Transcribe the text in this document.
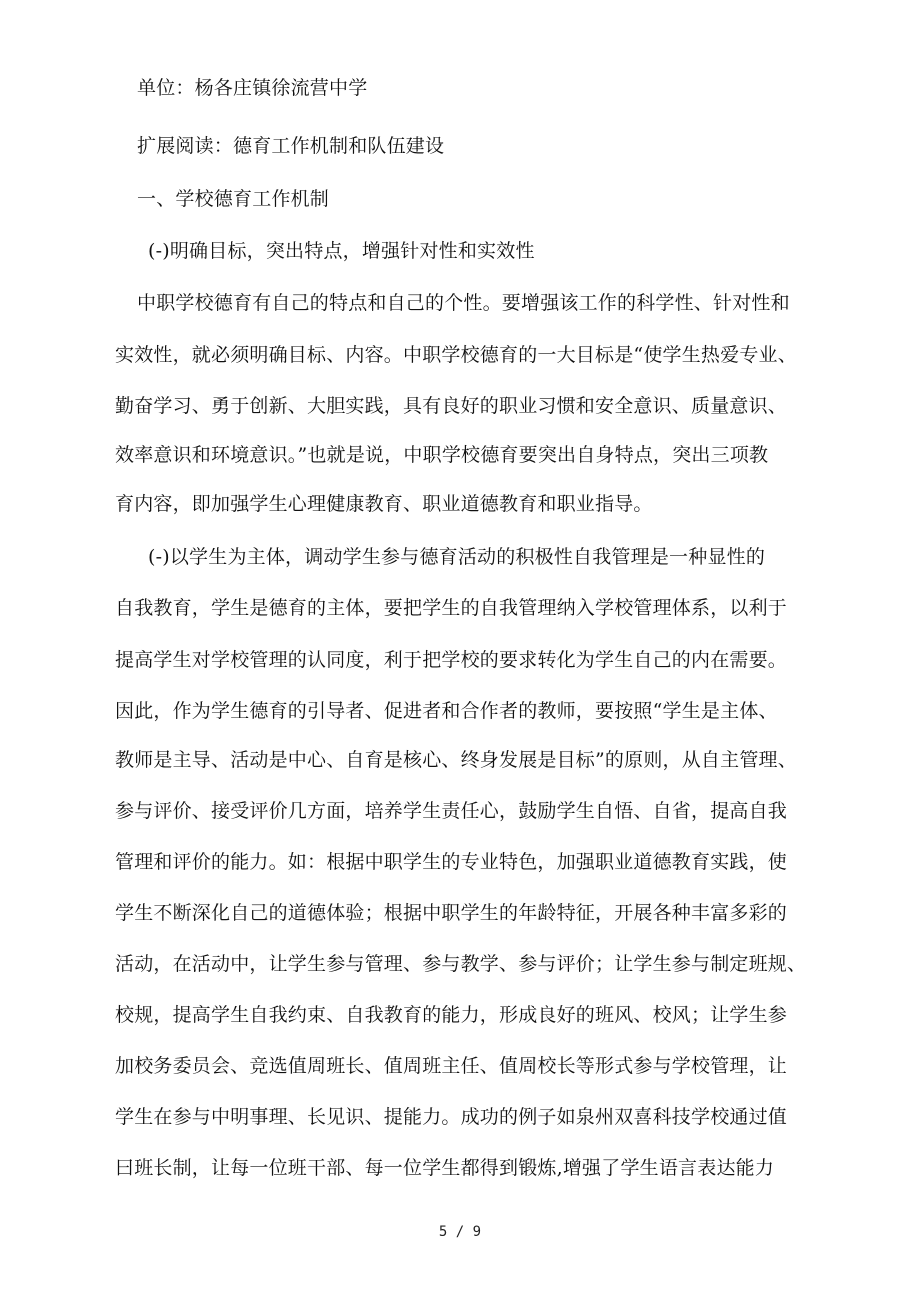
单位：杨各庄镇徐流营中学
扩展阅读：德育工作机制和队伍建设
一、学校德育工作机制
(-)明确目标，突出特点，增强针对性和实效性
中职学校德育有自己的特点和自己的个性。要增强该工作的科学性、针对性和
实效性，就必须明确目标、内容。中职学校德育的一大目标是“使学生热爱专业、
勤奋学习、勇于创新、大胆实践，具有良好的职业习惯和安全意识、质量意识、
效率意识和环境意识。”也就是说，中职学校德育要突出自身特点，突出三项教
育内容，即加强学生心理健康教育、职业道德教育和职业指导。
(-)以学生为主体，调动学生参与德育活动的积极性自我管理是一种显性的
自我教育，学生是德育的主体，要把学生的自我管理纳入学校管理体系，以利于
提高学生对学校管理的认同度，利于把学校的要求转化为学生自己的内在需要。
因此，作为学生德育的引导者、促进者和合作者的教师，要按照“学生是主体、
教师是主导、活动是中心、自育是核心、终身发展是目标”的原则，从自主管理、
参与评价、接受评价几方面，培养学生责任心，鼓励学生自悟、自省，提高自我
管理和评价的能力。如：根据中职学生的专业特色，加强职业道德教育实践，使
学生不断深化自己的道德体验；根据中职学生的年龄特征，开展各种丰富多彩的
活动，在活动中，让学生参与管理、参与教学、参与评价；让学生参与制定班规、
校规，提高学生自我约束、自我教育的能力，形成良好的班风、校风；让学生参
加校务委员会、竞选值周班长、值周班主任、值周校长等形式参与学校管理，让
学生在参与中明事理、长见识、提能力。成功的例子如泉州双喜科技学校通过值
曰班长制，让每一位班干部、每一位学生都得到锻炼,增强了学生语言表达能力
5 / 9
